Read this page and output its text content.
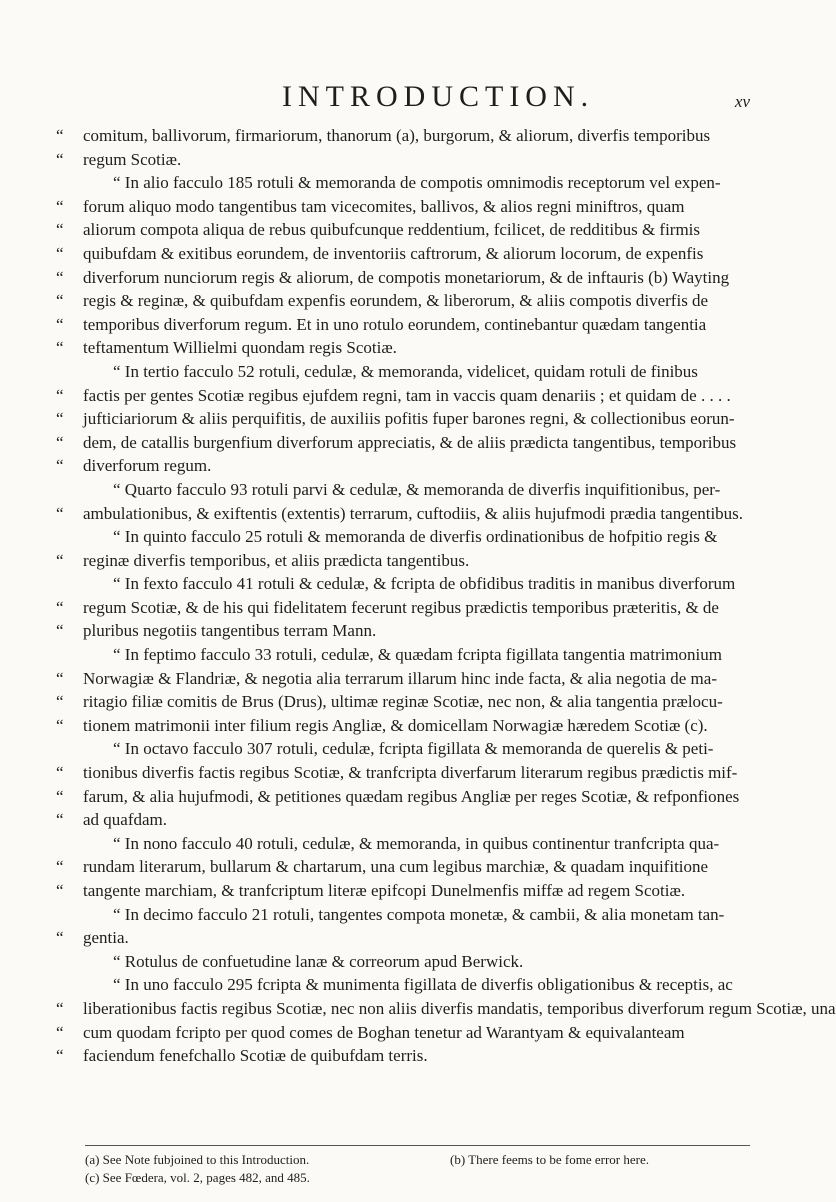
INTRODUCTION.	xv
“ comitum, ballivorum, firmariorum, thanorum (a), burgorum, & aliorum, diverfis temporibus
“ regum Scotiæ.
“ In alio facculo 185 rotuli & memoranda de compotis omnimodis receptorum vel expen-
“ forum aliquo modo tangentibus tam vicecomites, ballivos, & alios regni miniftros, quam
“ aliorum compota aliqua de rebus quibufcunque reddentium, fcilicet, de redditibus & firmis
“ quibufdam & exitibus eorundem, de inventoriis caftrorum, & aliorum locorum, de expenfis
“ diverforum nunciorum regis & aliorum, de compotis monetariorum, & de inftauris (b) Wayting
“ regis & reginæ, & quibufdam expenfis eorundem, & liberorum, & aliis compotis diverfis de
“ temporibus diverforum regum. Et in uno rotulo eorundem, continebantur quædam tangentia
“ teftamentum Willielmi quondam regis Scotiæ.
“ In tertio facculo 52 rotuli, cedulæ, & memoranda, videlicet, quidam rotuli de finibus
“ factis per gentes Scotiæ regibus ejufdem regni, tam in vaccis quam denariis ; et quidam de . . . .
“ jufticiariorum & aliis perquifitis, de auxiliis pofitis fuper barones regni, & collectionibus eorun-
“ dem, de catallis burgenfium diverforum appreciatis, & de aliis prædicta tangentibus, temporibus
“ diverforum regum.
“ Quarto facculo 93 rotuli parvi & cedulæ, & memoranda de diverfis inquifitionibus, per-
“ ambulationibus, & exiftentis (extentis) terrarum, cuftodiis, & aliis hujufmodi prædia tangentibus.
“ In quinto facculo 25 rotuli & memoranda de diverfis ordinationibus de hofpitio regis &
“ reginæ diverfis temporibus, et aliis prædicta tangentibus.
“ In fexto facculo 41 rotuli & cedulæ, & fcripta de obfidibus traditis in manibus diverforum
“ regum Scotiæ, & de his qui fidelitatem fecerunt regibus prædictis temporibus præteritis, & de
“ pluribus negotiis tangentibus terram Mann.
“ In feptimo facculo 33 rotuli, cedulæ, & quædam fcripta figillata tangentia matrimonium
“ Norwagiæ & Flandriæ, & negotia alia terrarum illarum hinc inde facta, & alia negotia de ma-
“ ritagio filiæ comitis de Brus (Drus), ultimæ reginæ Scotiæ, nec non, & alia tangentia prælocu-
“ tionem matrimonii inter filium regis Angliæ, & domicellam Norwagiæ hæredem Scotiæ (c).
“ In octavo facculo 307 rotuli, cedulæ, fcripta figillata & memoranda de querelis & peti-
“ tionibus diverfis factis regibus Scotiæ, & tranfcripta diverfarum literarum regibus prædictis mif-
“ farum, & alia hujufmodi, & petitiones quædam regibus Angliæ per reges Scotiæ, & refponfiones
“ ad quafdam.
“ In nono facculo 40 rotuli, cedulæ, & memoranda, in quibus continentur tranfcripta qua-
“ rundam literarum, bullarum & chartarum, una cum legibus marchiæ, & quadam inquifitione
“ tangente marchiam, & tranfcriptum literæ epifcopi Dunelmenfis miffæ ad regem Scotiæ.
“ In decimo facculo 21 rotuli, tangentes compota monetæ, & cambii, & alia monetam tan-
“ gentia.
“ Rotulus de confuetudine lanæ & correorum apud Berwick.
“ In uno facculo 295 fcripta & munimenta figillata de diverfis obligationibus & receptis, ac
“ liberationibus factis regibus Scotiæ, nec non aliis diverfis mandatis, temporibus diverforum regum Scotiæ, una
“ cum quodam fcripto per quod comes de Boghan tenetur ad Warantyam & equivalanteam
“ faciendum fenefchallo Scotiæ de quibufdam terris.
(a) See Note fubjoined to this Introduction.	(b) There feems to be fome error here.
(c) See Fœdera, vol. 2, pages 482, and 485.
